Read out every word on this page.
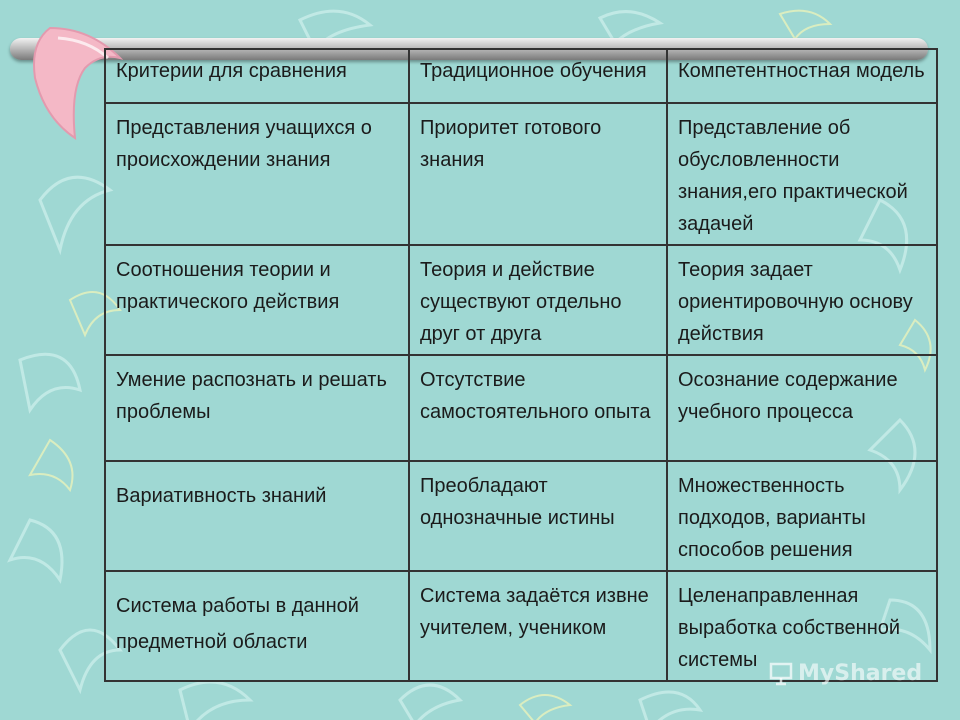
Критерии для сравнения	Традиционное обучения	Компетентностная модель
Представления учащихся о происхождении знания	Приоритет готового знания	Представление об обусловленности знания,его практической задачей
Соотношения теории и практического действия	Теория и действие существуют отдельно друг от друга	Теория задает ориентировочную основу действия
Умение распознать и решать проблемы	Отсутствие самостоятельного опыта	Осознание содержание учебного процесса
Вариативность знаний	Преобладают однозначные истины	Множественность подходов, варианты способов решения
Система работы в данной предметной области	Система задаётся извне учителем, учеником	Целенаправленная выработка собственной системы
MyShared
